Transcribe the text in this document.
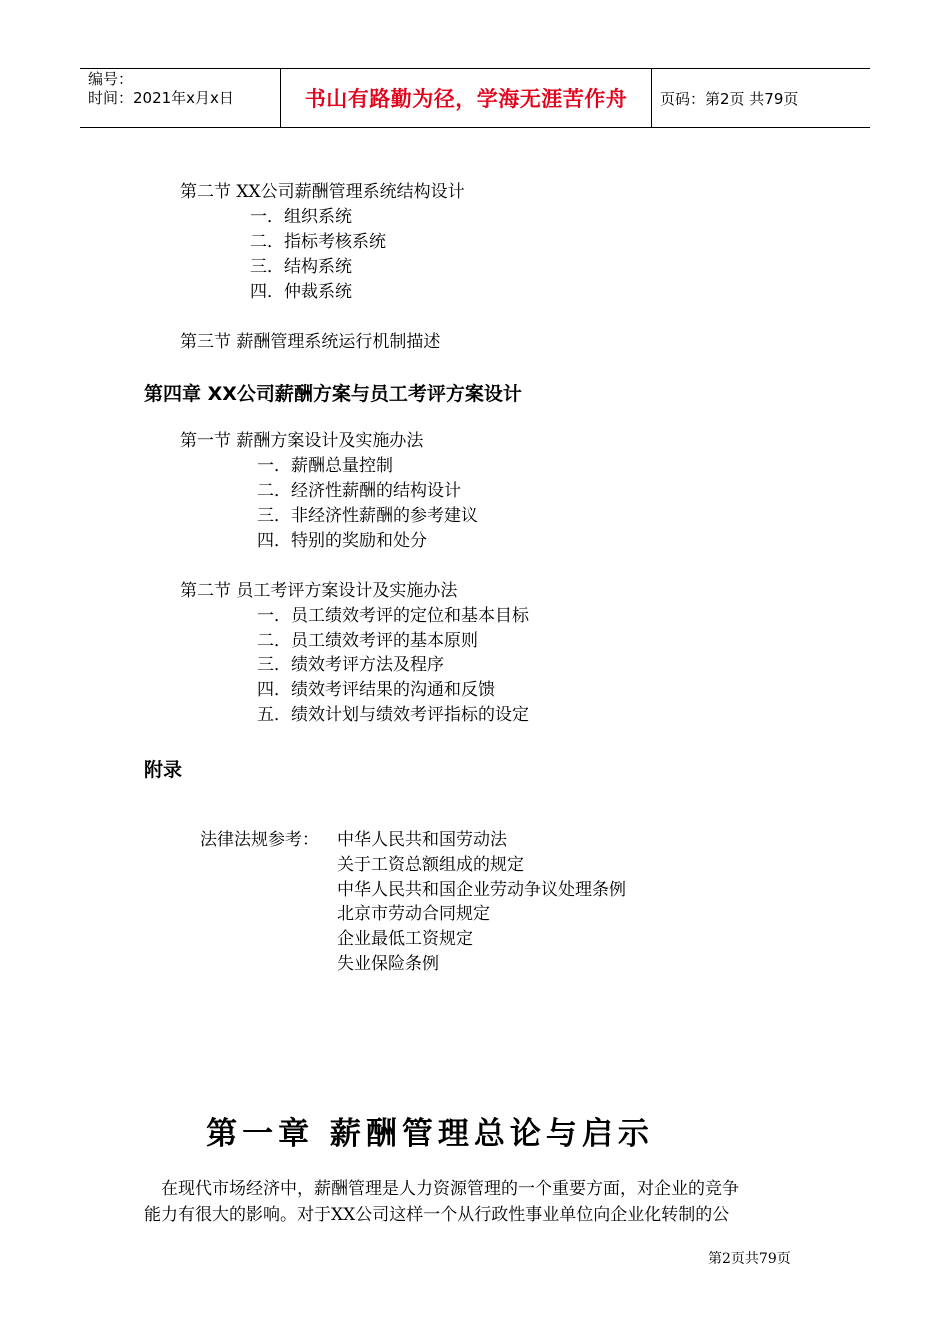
编号：
时间：2021年x月x日	书山有路勤为径，学海无涯苦作舟	页码：第2页 共79页
第二节 XX公司薪酬管理系统结构设计
一．组织系统
二．指标考核系统
三．结构系统
四．仲裁系统
第三节 薪酬管理系统运行机制描述
第四章 XX公司薪酬方案与员工考评方案设计
第一节 薪酬方案设计及实施办法
一．薪酬总量控制
二．经济性薪酬的结构设计
三．非经济性薪酬的参考建议
四．特别的奖励和处分
第二节 员工考评方案设计及实施办法
一．员工绩效考评的定位和基本目标
二．员工绩效考评的基本原则
三．绩效考评方法及程序
四．绩效考评结果的沟通和反馈
五．绩效计划与绩效考评指标的设定
附录
法律法规参考： 中华人民共和国劳动法
关于工资总额组成的规定
中华人民共和国企业劳动争议处理条例
北京市劳动合同规定
企业最低工资规定
失业保险条例
第一章 薪酬管理总论与启示
在现代市场经济中，薪酬管理是人力资源管理的一个重要方面，对企业的竞争
能力有很大的影响。对于XX公司这样一个从行政性事业单位向企业化转制的公
第2页共79页
